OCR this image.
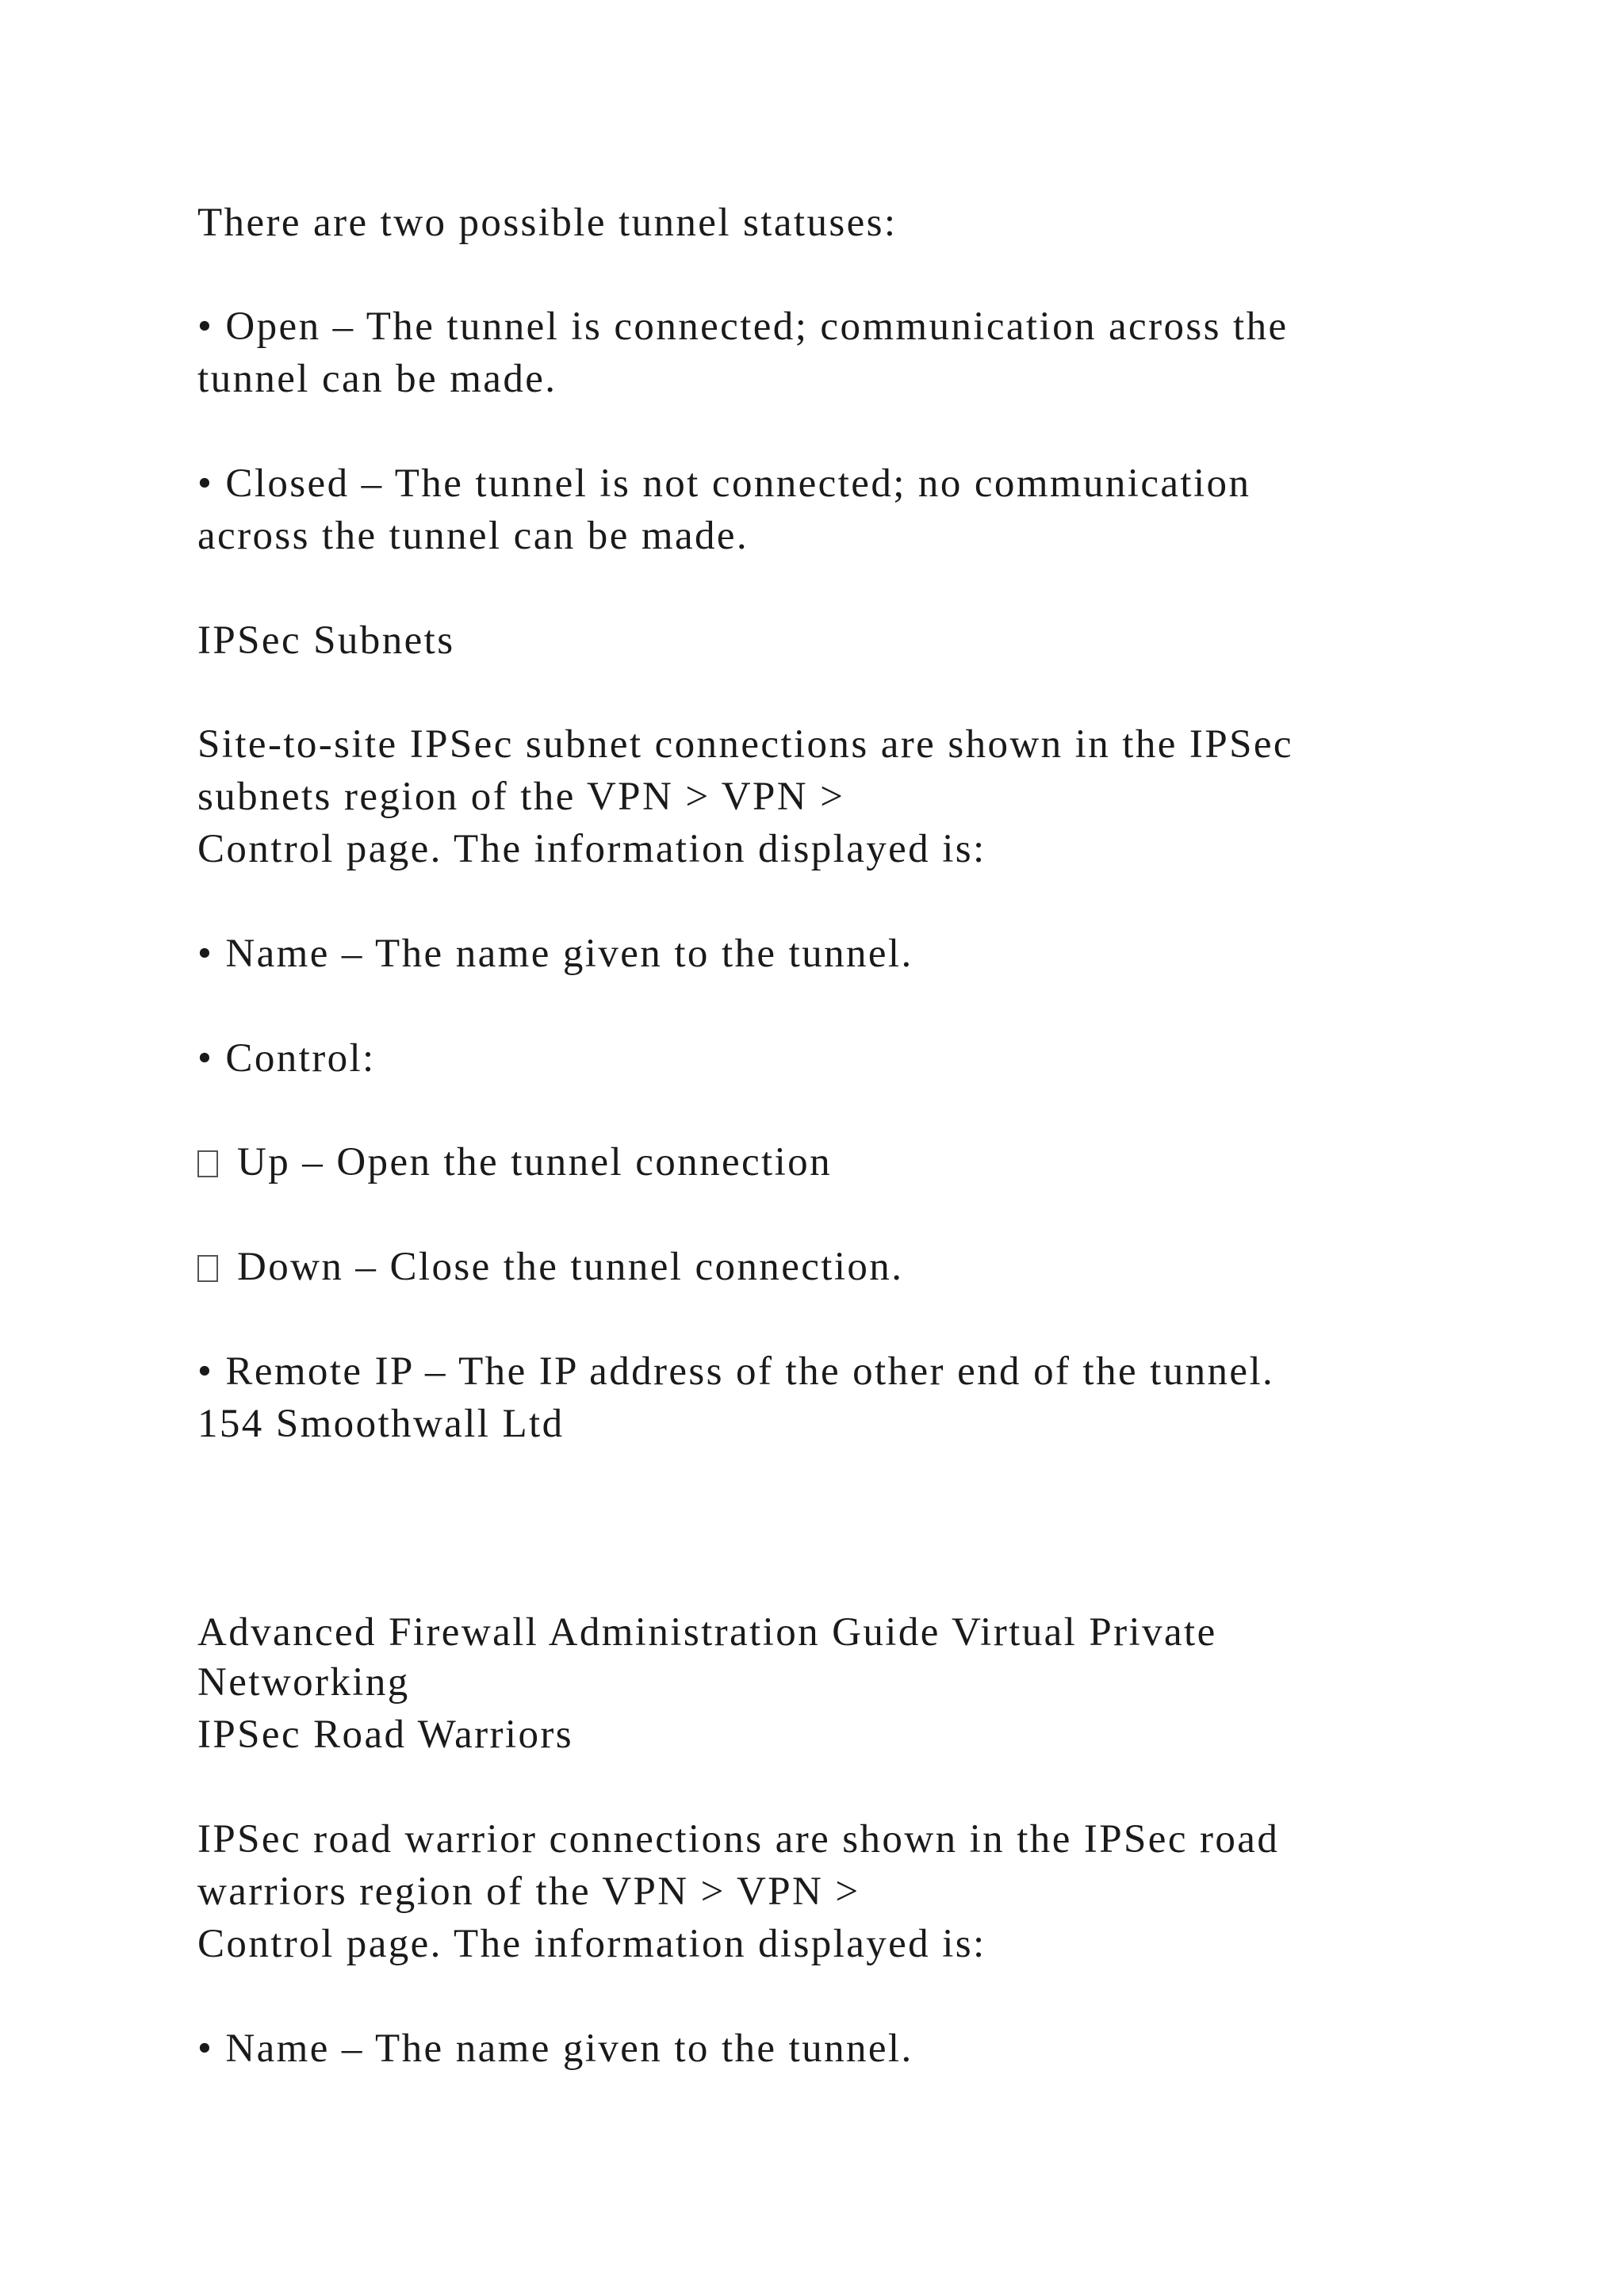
There are two possible tunnel statuses:
• Open – The tunnel is connected; communication across the
tunnel can be made.
• Closed – The tunnel is not connected; no communication
across the tunnel can be made.
IPSec Subnets
Site-to-site IPSec subnet connections are shown in the IPSec
subnets region of the VPN > VPN >
Control page. The information displayed is:
• Name – The name given to the tunnel.
• Control:
Up – Open the tunnel connection
Down – Close the tunnel connection.
• Remote IP – The IP address of the other end of the tunnel.
154 Smoothwall Ltd
Advanced Firewall Administration Guide Virtual Private
Networking
IPSec Road Warriors
IPSec road warrior connections are shown in the IPSec road
warriors region of the VPN > VPN >
Control page. The information displayed is:
• Name – The name given to the tunnel.
